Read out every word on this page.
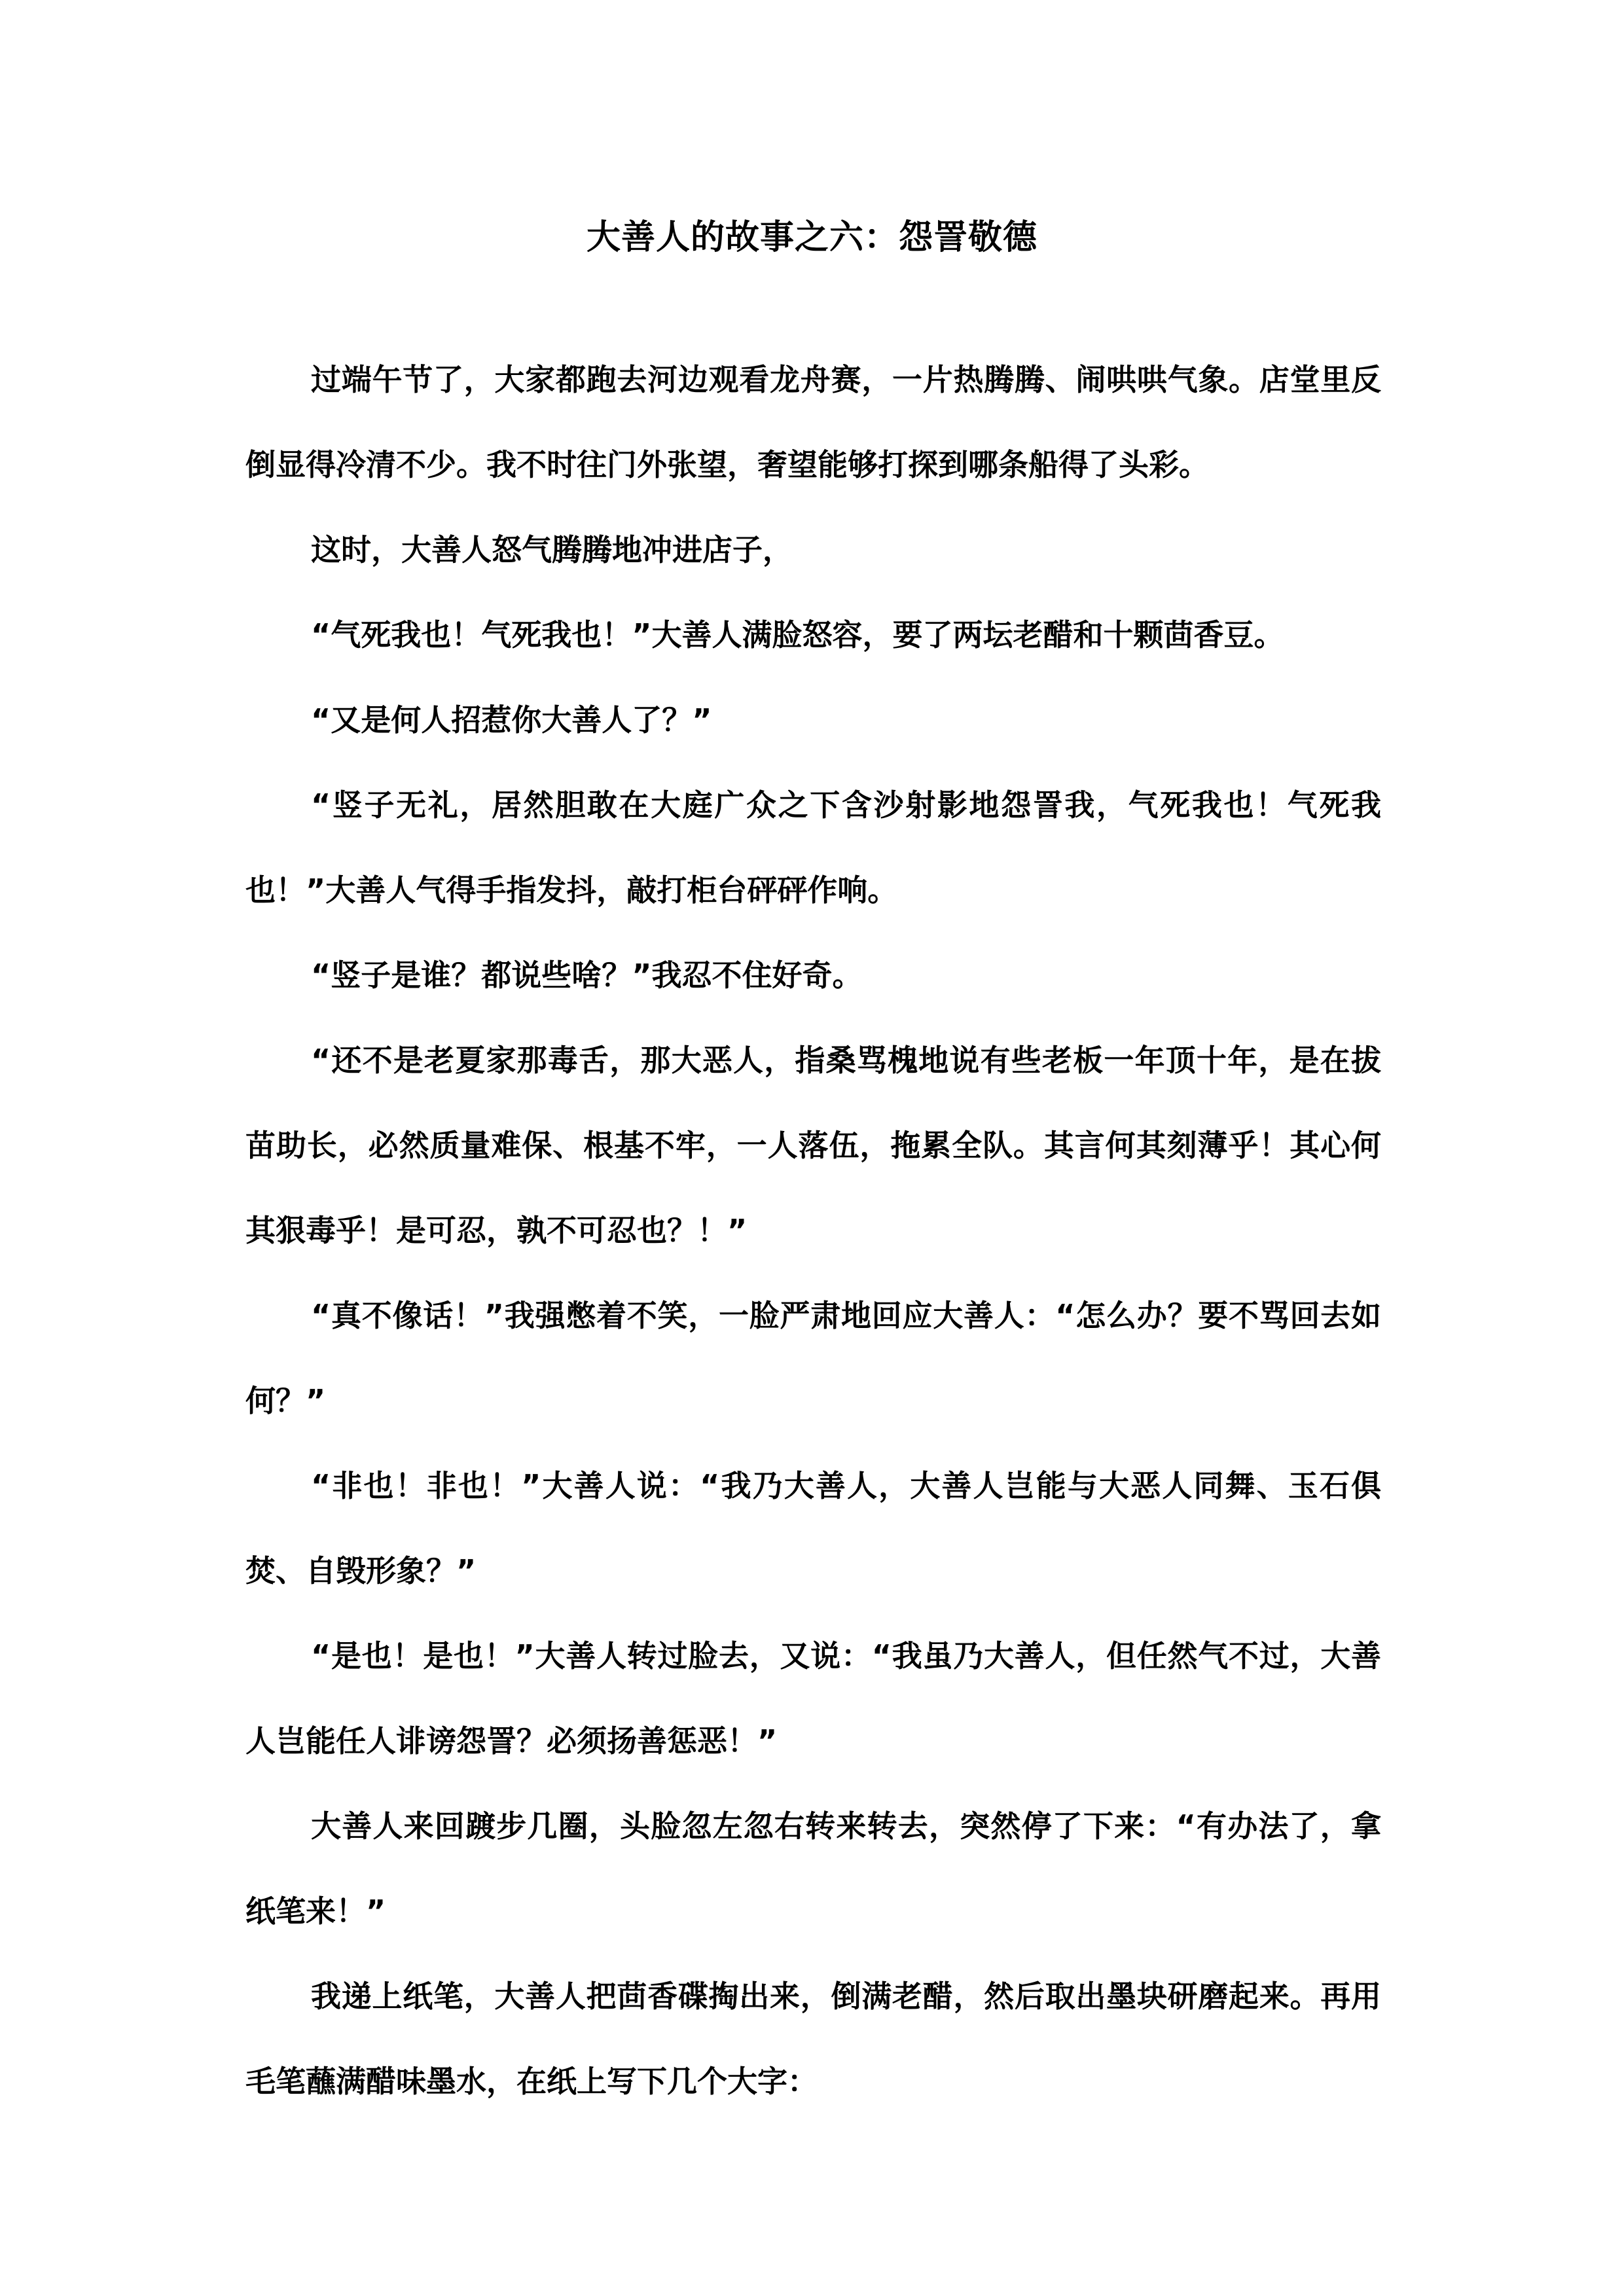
大善人的故事之六：怨詈敬德

过端午节了，大家都跑去河边观看龙舟赛，一片热腾腾、闹哄哄气象。店堂里反倒显得冷清不少。我不时往门外张望，奢望能够打探到哪条船得了头彩。

这时，大善人怒气腾腾地冲进店子，

“气死我也！气死我也！”大善人满脸怒容，要了两坛老醋和十颗茴香豆。

“又是何人招惹你大善人了？”

“竖子无礼，居然胆敢在大庭广众之下含沙射影地怨詈我，气死我也！气死我也！”大善人气得手指发抖，敲打柜台砰砰作响。

“竖子是谁？都说些啥？”我忍不住好奇。

“还不是老夏家那毒舌，那大恶人，指桑骂槐地说有些老板一年顶十年，是在拔苗助长，必然质量难保、根基不牢，一人落伍，拖累全队。其言何其刻薄乎！其心何其狠毒乎！是可忍，孰不可忍也？！”

“真不像话！”我强憋着不笑，一脸严肃地回应大善人：“怎么办？要不骂回去如何？”

“非也！非也！”大善人说：“我乃大善人，大善人岂能与大恶人同舞、玉石俱焚、自毁形象？”

“是也！是也！”大善人转过脸去，又说：“我虽乃大善人，但任然气不过，大善人岂能任人诽谤怨詈？必须扬善惩恶！”

大善人来回踱步几圈，头脸忽左忽右转来转去，突然停了下来：“有办法了，拿纸笔来！”

我递上纸笔，大善人把茴香碟掏出来，倒满老醋，然后取出墨块研磨起来。再用毛笔蘸满醋味墨水，在纸上写下几个大字：
